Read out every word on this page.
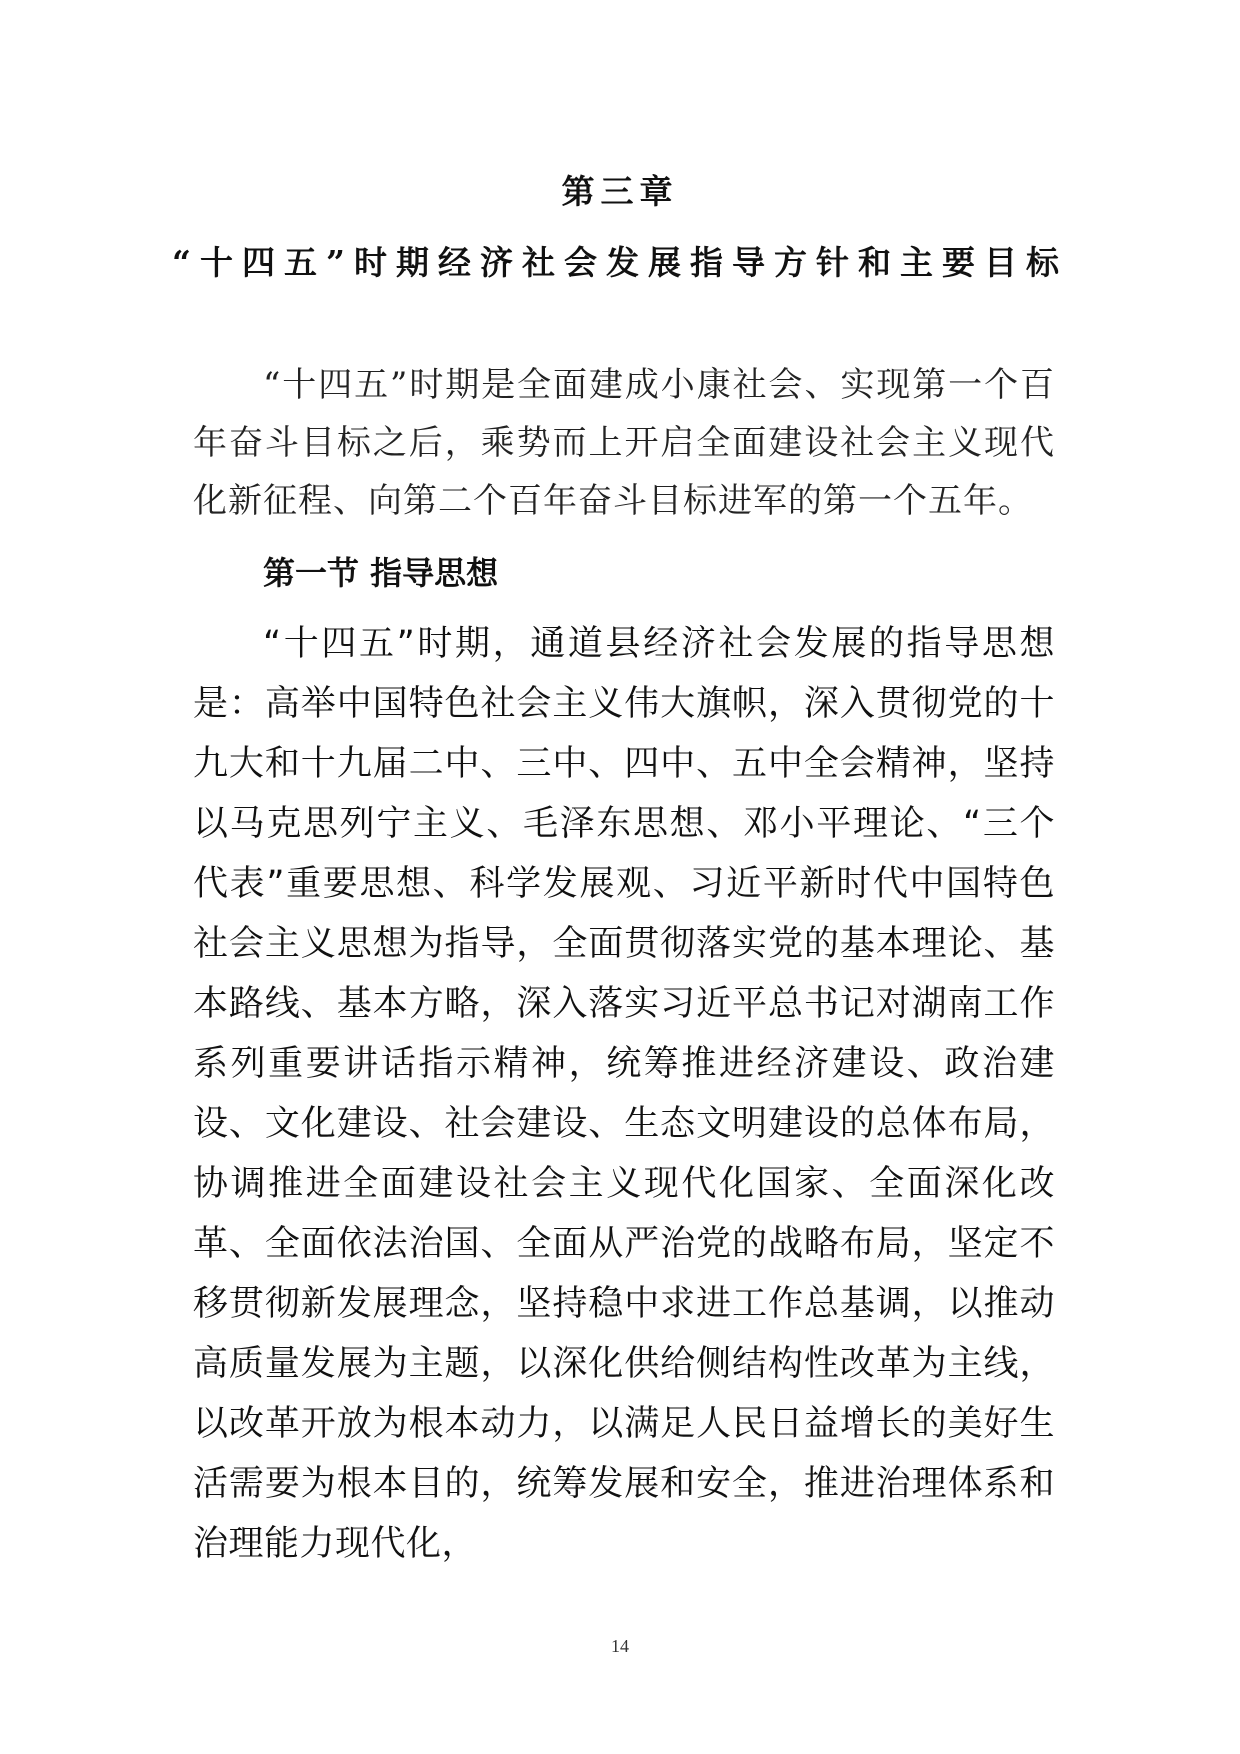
第三章
“十四五”时期经济社会发展指导方针和主要目标

“十四五”时期是全面建成小康社会、实现第一个百年奋斗目标之后，乘势而上开启全面建设社会主义现代化新征程、向第二个百年奋斗目标进军的第一个五年。

第一节 指导思想

“十四五”时期，通道县经济社会发展的指导思想是：高举中国特色社会主义伟大旗帜，深入贯彻党的十九大和十九届二中、三中、四中、五中全会精神，坚持以马克思列宁主义、毛泽东思想、邓小平理论、“三个代表”重要思想、科学发展观、习近平新时代中国特色社会主义思想为指导，全面贯彻落实党的基本理论、基本路线、基本方略，深入落实习近平总书记对湖南工作系列重要讲话指示精神，统筹推进经济建设、政治建设、文化建设、社会建设、生态文明建设的总体布局，协调推进全面建设社会主义现代化国家、全面深化改革、全面依法治国、全面从严治党的战略布局，坚定不移贯彻新发展理念，坚持稳中求进工作总基调，以推动高质量发展为主题，以深化供给侧结构性改革为主线，以改革开放为根本动力，以满足人民日益增长的美好生活需要为根本目的，统筹发展和安全，推进治理体系和治理能力现代化，

14
